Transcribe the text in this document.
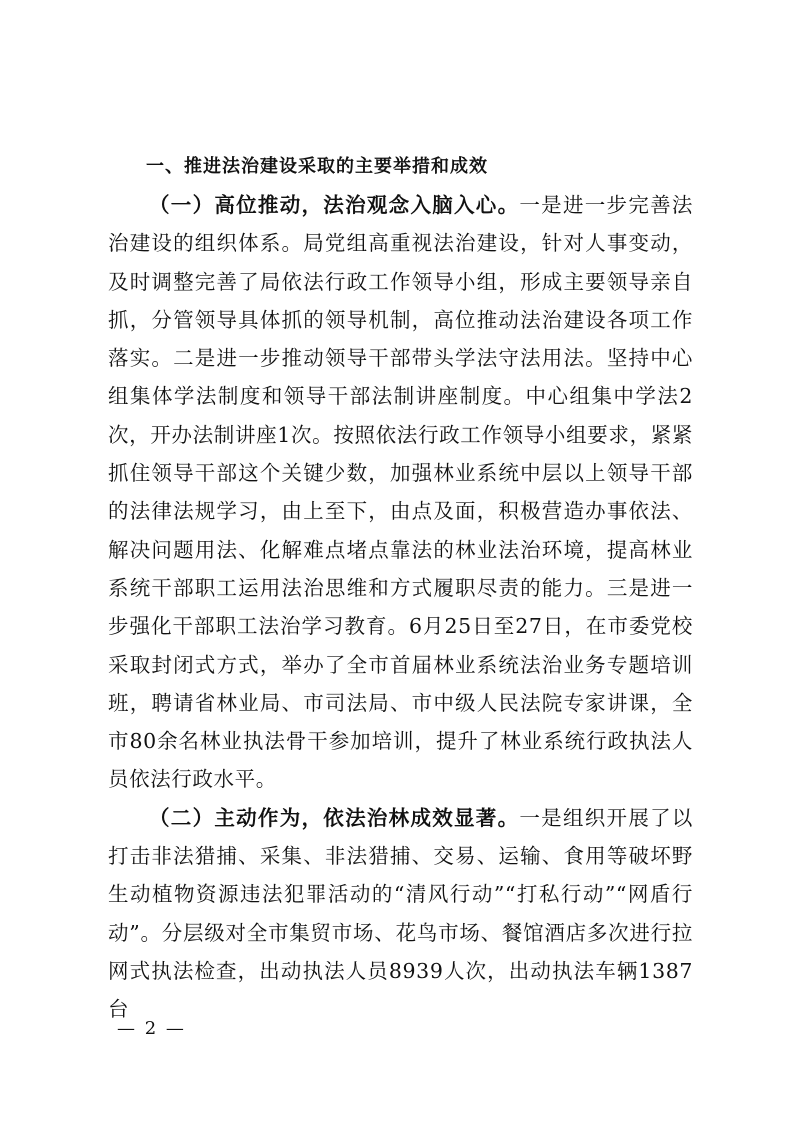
一、推进法治建设采取的主要举措和成效

（一）高位推动，法治观念入脑入心。一是进一步完善法治建设的组织体系。局党组高重视法治建设，针对人事变动，及时调整完善了局依法行政工作领导小组，形成主要领导亲自抓，分管领导具体抓的领导机制，高位推动法治建设各项工作落实。二是进一步推动领导干部带头学法守法用法。坚持中心组集体学法制度和领导干部法制讲座制度。中心组集中学法2次，开办法制讲座1次。按照依法行政工作领导小组要求，紧紧抓住领导干部这个关键少数，加强林业系统中层以上领导干部的法律法规学习，由上至下，由点及面，积极营造办事依法、解决问题用法、化解难点堵点靠法的林业法治环境，提高林业系统干部职工运用法治思维和方式履职尽责的能力。三是进一步强化干部职工法治学习教育。6月25日至27日，在市委党校采取封闭式方式，举办了全市首届林业系统法治业务专题培训班，聘请省林业局、市司法局、市中级人民法院专家讲课，全市80余名林业执法骨干参加培训，提升了林业系统行政执法人员依法行政水平。

（二）主动作为，依法治林成效显著。一是组织开展了以打击非法猎捕、采集、非法猎捕、交易、运输、食用等破坏野生动植物资源违法犯罪活动的“清风行动”“打私行动”“网盾行动”。分层级对全市集贸市场、花鸟市场、餐馆酒店多次进行拉网式执法检查，出动执法人员8939人次，出动执法车辆1387台

— 2 —
